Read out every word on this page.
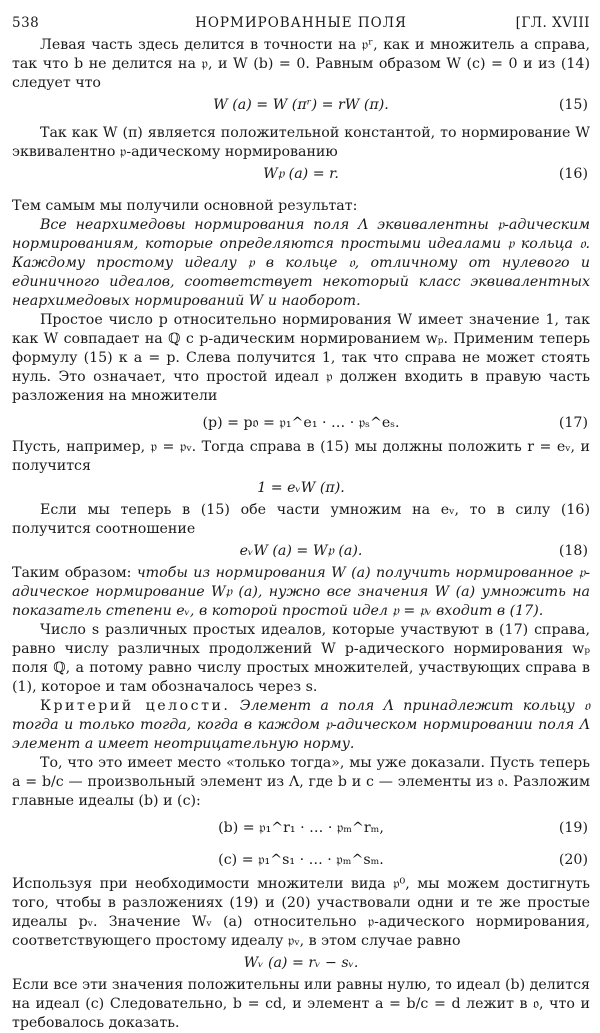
538	НОРМИРОВАННЫЕ ПОЛЯ	[ГЛ. XVIII

Левая часть здесь делится в точности на 𝔭ʳ, как и множитель a справа, так что b не делится на 𝔭, и W (b) = 0. Равным образом W (c) = 0 и из (14) следует что

W (a) = W (πʳ) = rW (π).	(15)

Так как W (π) является положительной константой, то нормирование W эквивалентно 𝔭-адическому нормированию

W𝔭 (a) = r.	(16)

Тем самым мы получили основной результат:

Все неархимедовы нормирования поля Λ эквивалентны 𝔭-адическим нормированиям, которые определяются простыми идеалами 𝔭 кольца 𝔬. Каждому простому идеалу 𝔭 в кольце 𝔬, отличному от нулевого и единичного идеалов, соответствует некоторый класс эквивалентных неархимедовых нормирований W и наоборот.

Простое число p относительно нормирования W имеет значение 1, так как W совпадает на ℚ с p-адическим нормированием wₚ. Применим теперь формулу (15) к a = p. Слева получится 1, так что справа не может стоять нуль. Это означает, что простой идеал 𝔭 должен входить в правую часть разложения на множители

(p) = p𝔬 = 𝔭₁^e₁ · … · 𝔭ₛ^eₛ.	(17)

Пусть, например, 𝔭 = 𝔭ᵥ. Тогда справа в (15) мы должны положить r = eᵥ, и получится

1 = eᵥW (π).

Если мы теперь в (15) обе части умножим на eᵥ, то в силу (16) получится соотношение

eᵥW (a) = W𝔭 (a).	(18)

Таким образом: чтобы из нормирования W (a) получить нормированное 𝔭-адическое нормирование W𝔭 (a), нужно все значения W (a) умножить на показатель степени eᵥ, в которой простой идел 𝔭 = 𝔭ᵥ входит в (17).

Число s различных простых идеалов, которые участвуют в (17) справа, равно числу различных продолжений W p-адического нормирования wₚ поля ℚ, а потому равно числу простых множителей, участвующих справа в (1), которое и там обозначалось через s.

Критерий целости. Элемент a поля Λ принадлежит кольцу 𝔬 тогда и только тогда, когда в каждом 𝔭-адическом нормировании поля Λ элемент a имеет неотрицательную норму.

То, что это имеет место «только тогда», мы уже доказали. Пусть теперь a = b/c — произвольный элемент из Λ, где b и c — элементы из 𝔬. Разложим главные идеалы (b) и (c):

(b) = 𝔭₁^r₁ · … · 𝔭ₘ^rₘ,	(19)
(c) = 𝔭₁^s₁ · … · 𝔭ₘ^sₘ.	(20)

Используя при необходимости множители вида 𝔭⁰, мы можем достигнуть того, чтобы в разложениях (19) и (20) участвовали одни и те же простые идеалы pᵥ. Значение Wᵥ (a) относительно 𝔭-адического нормирования, соответствующего простому идеалу 𝔭ᵥ, в этом случае равно

Wᵥ (a) = rᵥ − sᵥ.

Если все эти значения положительны или равны нулю, то идеал (b) делится на идеал (c) Следовательно, b = cd, и элемент a = b/c = d лежит в 𝔬, что и требовалось доказать.
